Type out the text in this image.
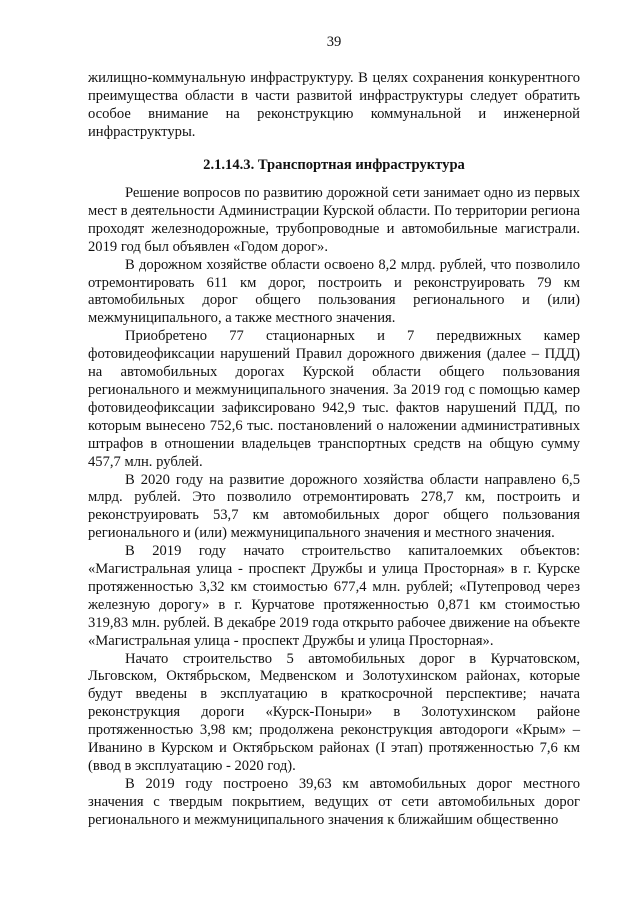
39

жилищно-коммунальную инфраструктуру. В целях сохранения конкурентного преимущества области в части развитой инфраструктуры следует обратить особое внимание на реконструкцию коммунальной и инженерной инфраструктуры.

2.1.14.3. Транспортная инфраструктура

Решение вопросов по развитию дорожной сети занимает одно из первых мест в деятельности Администрации Курской области. По территории региона проходят железнодорожные, трубопроводные и автомобильные магистрали. 2019 год был объявлен «Годом дорог».

В дорожном хозяйстве области освоено 8,2 млрд. рублей, что позволило отремонтировать 611 км дорог, построить и реконструировать 79 км автомобильных дорог общего пользования регионального и (или) межмуниципального, а также местного значения.

Приобретено 77 стационарных и 7 передвижных камер фотовидеофиксации нарушений Правил дорожного движения (далее – ПДД) на автомобильных дорогах Курской области общего пользования регионального и межмуниципального значения. За 2019 год с помощью камер фотовидеофиксации зафиксировано 942,9 тыс. фактов нарушений ПДД, по которым вынесено 752,6 тыс. постановлений о наложении административных штрафов в отношении владельцев транспортных средств на общую сумму 457,7 млн. рублей.

В 2020 году на развитие дорожного хозяйства области направлено 6,5 млрд. рублей. Это позволило отремонтировать 278,7 км, построить и реконструировать 53,7 км автомобильных дорог общего пользования регионального и (или) межмуниципального значения и местного значения.

В 2019 году начато строительство капиталоемких объектов: «Магистральная улица - проспект Дружбы и улица Просторная» в г. Курске протяженностью 3,32 км стоимостью 677,4 млн. рублей; «Путепровод через железную дорогу» в г. Курчатове протяженностью 0,871 км стоимостью 319,83 млн. рублей. В декабре 2019 года открыто рабочее движение на объекте «Магистральная улица - проспект Дружбы и улица Просторная».

Начато строительство 5 автомобильных дорог в Курчатовском, Льговском, Октябрьском, Медвенском и Золотухинском районах, которые будут введены в эксплуатацию в краткосрочной перспективе; начата реконструкция дороги «Курск-Поныри» в Золотухинском районе протяженностью 3,98 км; продолжена реконструкция автодороги «Крым» – Иванино в Курском и Октябрьском районах (I этап) протяженностью 7,6 км (ввод в эксплуатацию - 2020 год).

В 2019 году построено 39,63 км автомобильных дорог местного значения с твердым покрытием, ведущих от сети автомобильных дорог регионального и межмуниципального значения к ближайшим общественно
